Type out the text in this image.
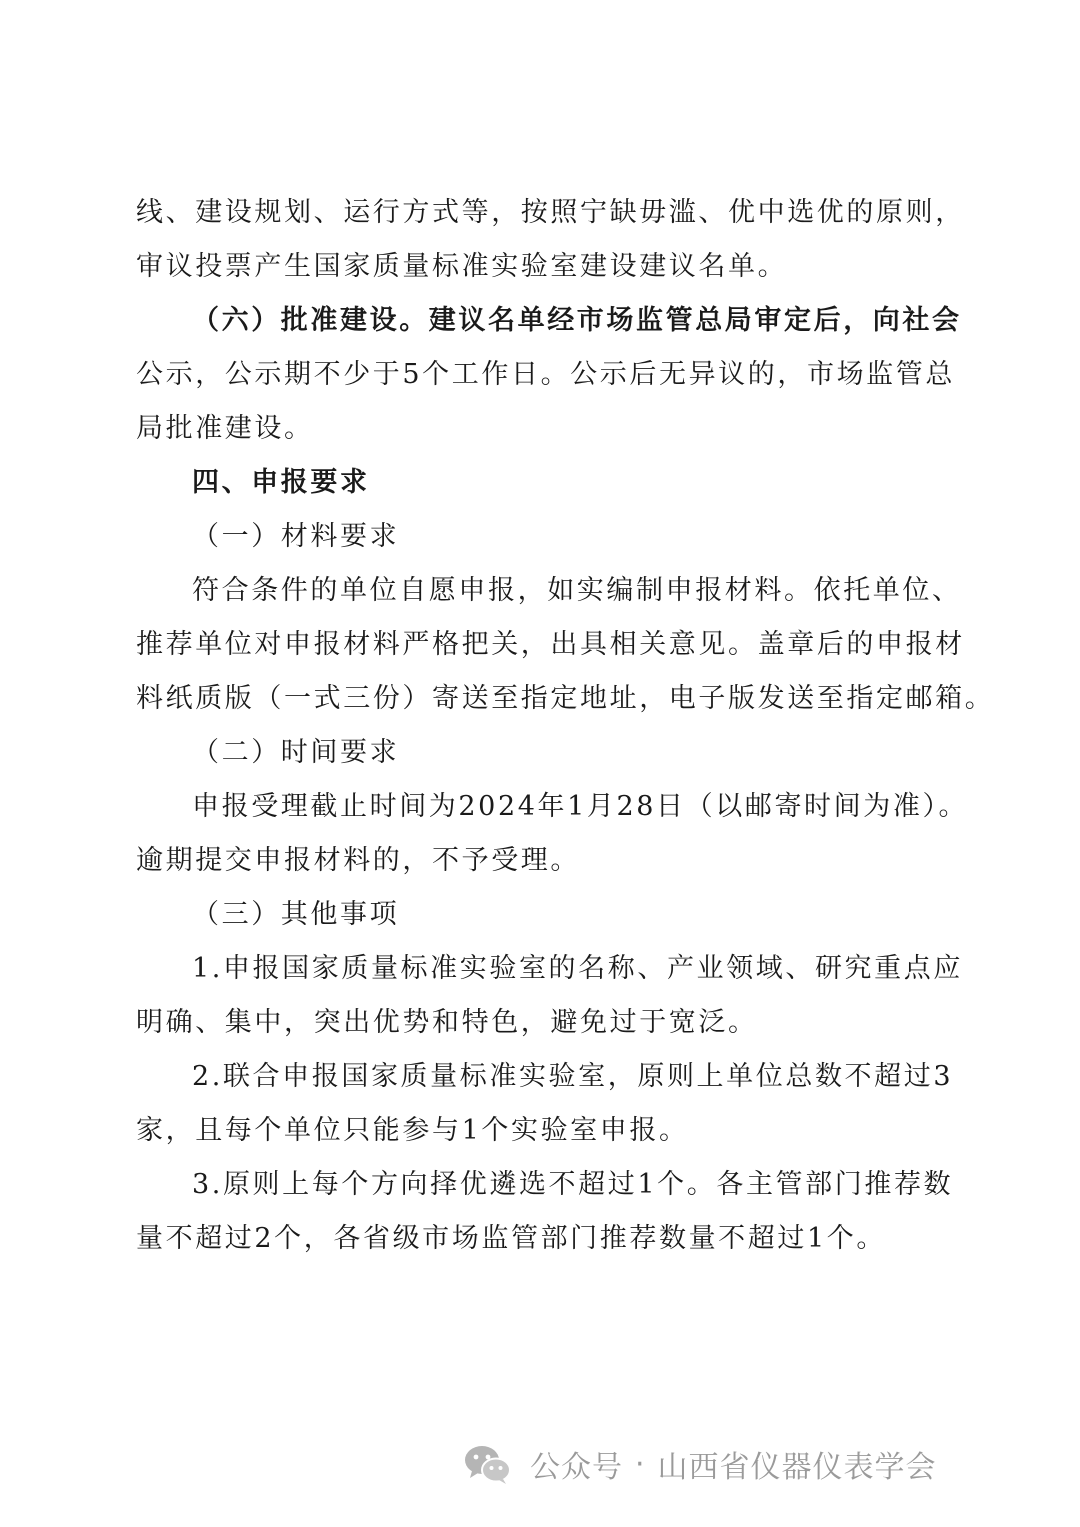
线、建设规划、运行方式等，按照宁缺毋滥、优中选优的原则，
审议投票产生国家质量标准实验室建设建议名单。
（六）批准建设。建议名单经市场监管总局审定后，向社会
公示，公示期不少于5个工作日。公示后无异议的，市场监管总
局批准建设。
四、申报要求
（一）材料要求
符合条件的单位自愿申报，如实编制申报材料。依托单位、
推荐单位对申报材料严格把关，出具相关意见。盖章后的申报材
料纸质版（一式三份）寄送至指定地址，电子版发送至指定邮箱。
（二）时间要求
申报受理截止时间为2024年1月28日（以邮寄时间为准）。
逾期提交申报材料的，不予受理。
（三）其他事项
1.申报国家质量标准实验室的名称、产业领域、研究重点应
明确、集中，突出优势和特色，避免过于宽泛。
2.联合申报国家质量标准实验室，原则上单位总数不超过3
家，且每个单位只能参与1个实验室申报。
3.原则上每个方向择优遴选不超过1个。各主管部门推荐数
量不超过2个，各省级市场监管部门推荐数量不超过1个。
公众号 · 山西省仪器仪表学会
